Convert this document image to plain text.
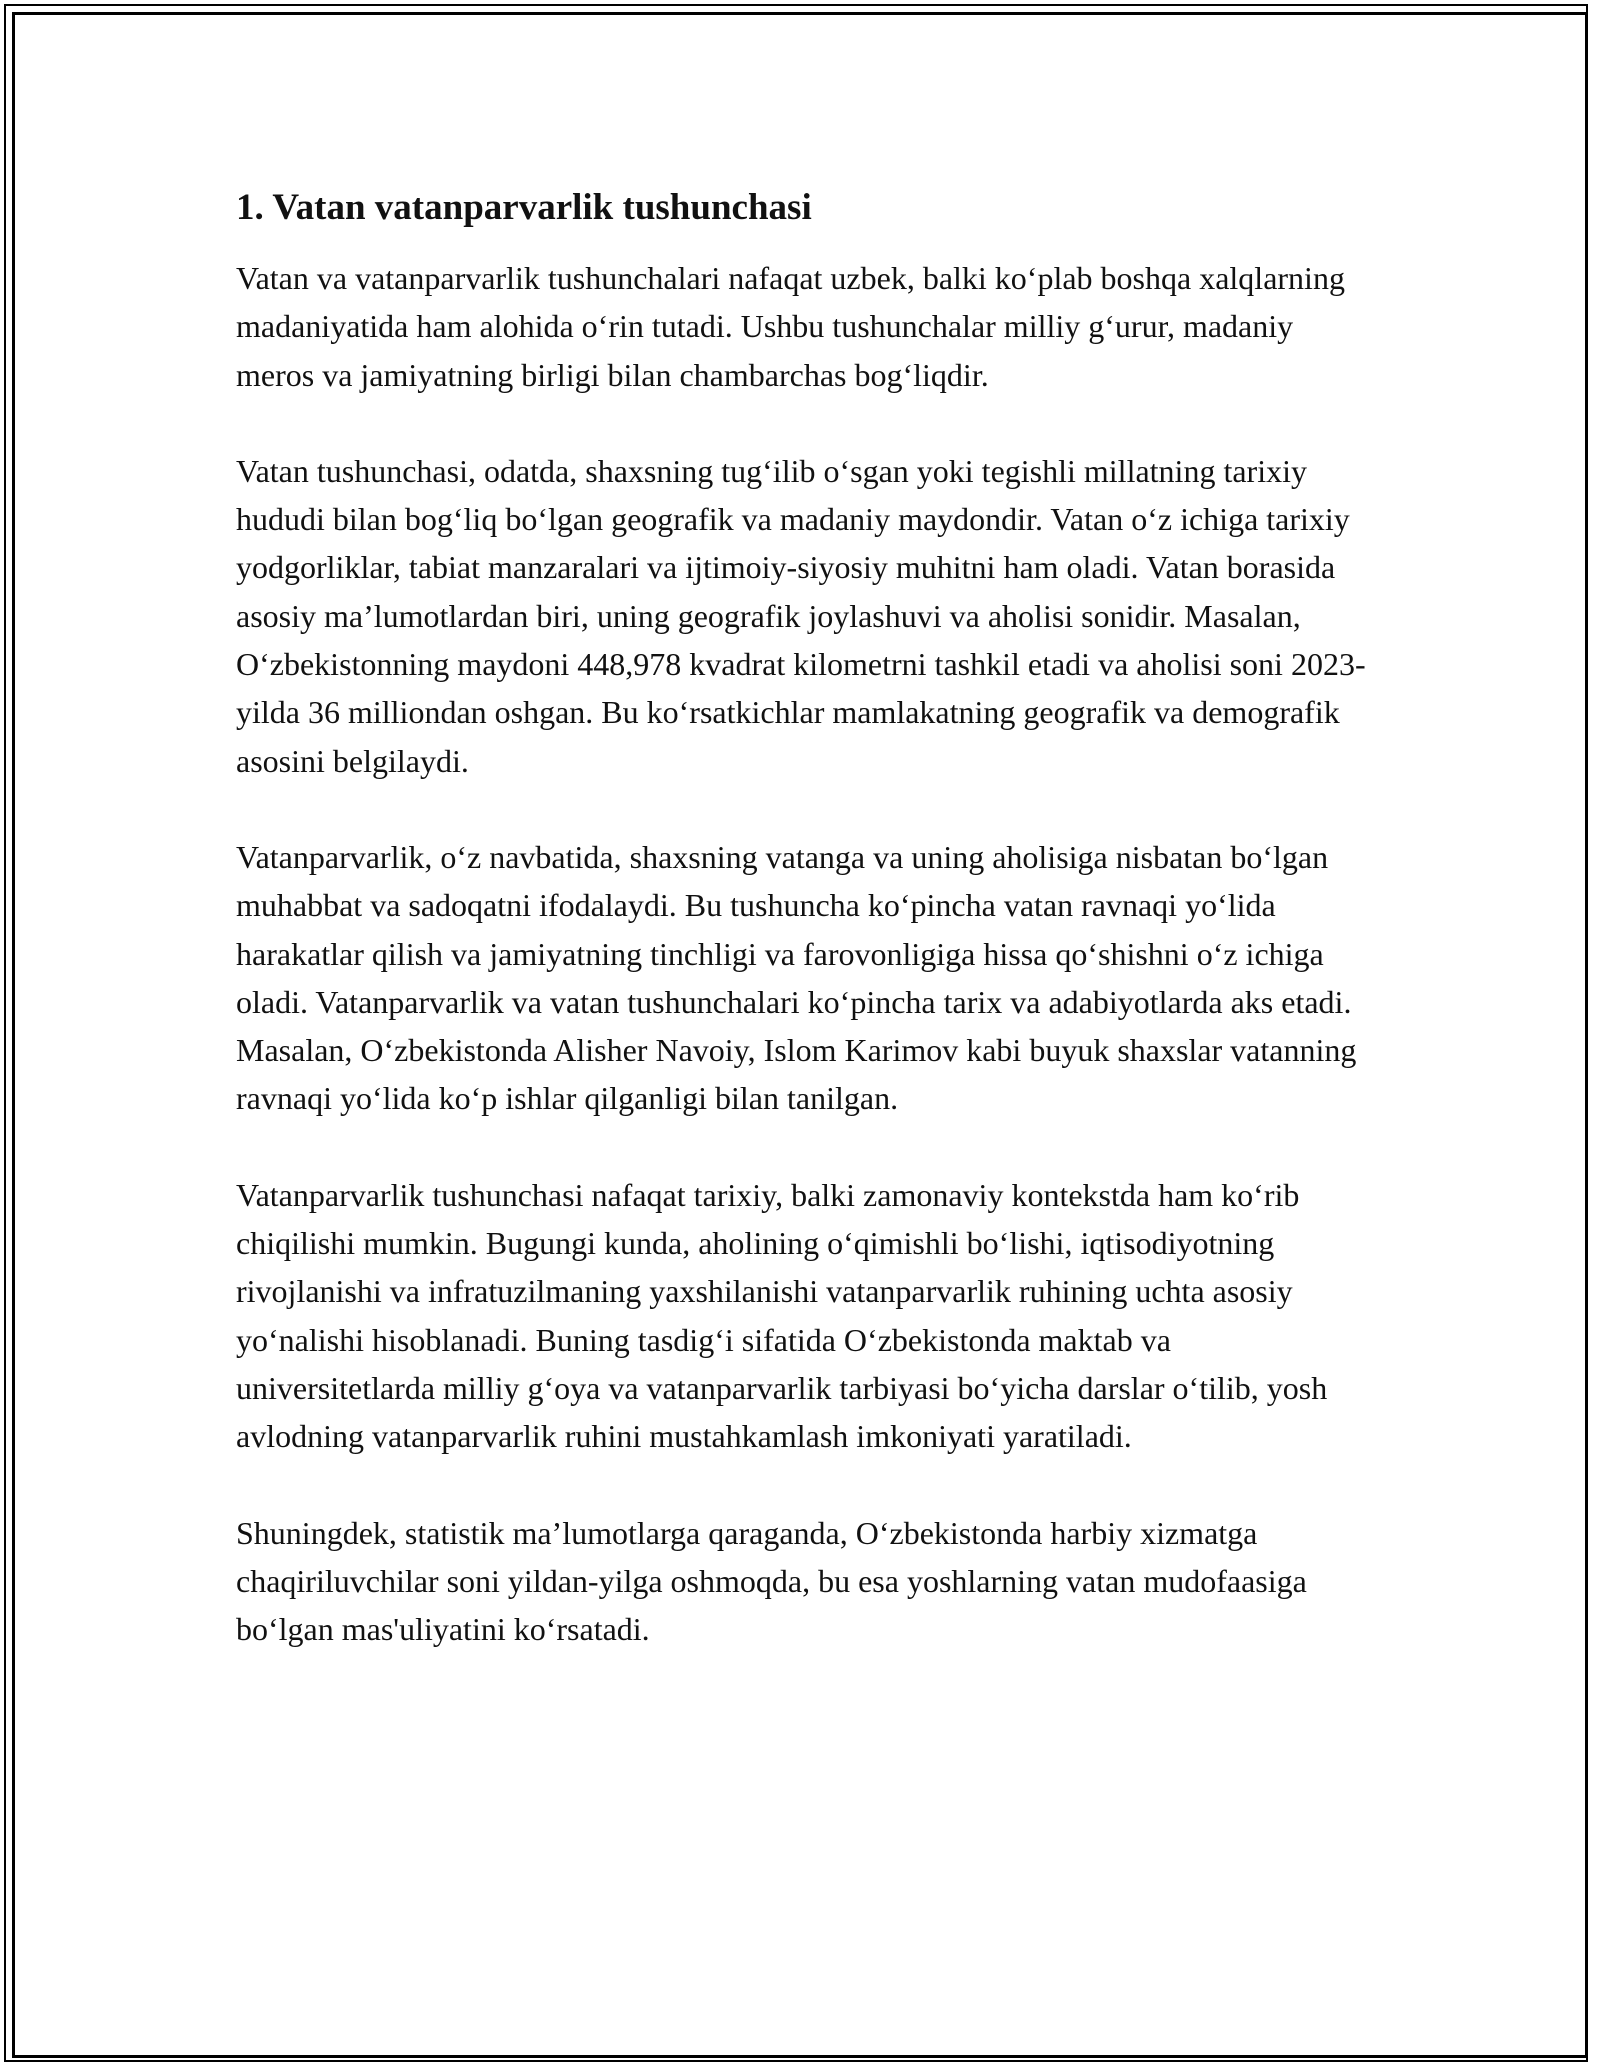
1. Vatan vatanparvarlik tushunchasi

Vatan va vatanparvarlik tushunchalari nafaqat uzbek, balki koʻplab boshqa xalqlarning madaniyatida ham alohida oʻrin tutadi. Ushbu tushunchalar milliy gʻurur, madaniy meros va jamiyatning birligi bilan chambarchas bogʻliqdir.

Vatan tushunchasi, odatda, shaxsning tugʻilib oʻsgan yoki tegishli millatning tarixiy hududi bilan bogʻliq boʻlgan geografik va madaniy maydondir. Vatan oʻz ichiga tarixiy yodgorliklar, tabiat manzaralari va ijtimoiy-siyosiy muhitni ham oladi. Vatan borasida asosiy maʼlumotlardan biri, uning geografik joylashuvi va aholisi sonidir. Masalan, Oʻzbekistonning maydoni 448,978 kvadrat kilometrni tashkil etadi va aholisi soni 2023-yilda 36 milliondan oshgan. Bu koʻrsatkichlar mamlakatning geografik va demografik asosini belgilaydi.

Vatanparvarlik, oʻz navbatida, shaxsning vatanga va uning aholisiga nisbatan boʻlgan muhabbat va sadoqatni ifodalaydi. Bu tushuncha koʻpincha vatan ravnaqi yoʻlida harakatlar qilish va jamiyatning tinchligi va farovonligiga hissa qoʻshishni oʻz ichiga oladi. Vatanparvarlik va vatan tushunchalari koʻpincha tarix va adabiyotlarda aks etadi. Masalan, Oʻzbekistonda Alisher Navoiy, Islom Karimov kabi buyuk shaxslar vatanning ravnaqi yoʻlida koʻp ishlar qilganligi bilan tanilgan.

Vatanparvarlik tushunchasi nafaqat tarixiy, balki zamonaviy kontekstda ham koʻrib chiqilishi mumkin. Bugungi kunda, aholining oʻqimishli boʻlishi, iqtisodiyotning rivojlanishi va infratuzilmaning yaxshilanishi vatanparvarlik ruhining uchta asosiy yoʻnalishi hisoblanadi. Buning tasdigʻi sifatida Oʻzbekistonda maktab va universitetlarda milliy gʻoya va vatanparvarlik tarbiyasi boʻyicha darslar oʻtilib, yosh avlodning vatanparvarlik ruhini mustahkamlash imkoniyati yaratiladi.

Shuningdek, statistik maʼlumotlarga qaraganda, Oʻzbekistonda harbiy xizmatga chaqiriluvchilar soni yildan-yilga oshmoqda, bu esa yoshlarning vatan mudofaasiga boʻlgan mas'uliyatini koʻrsatadi.
